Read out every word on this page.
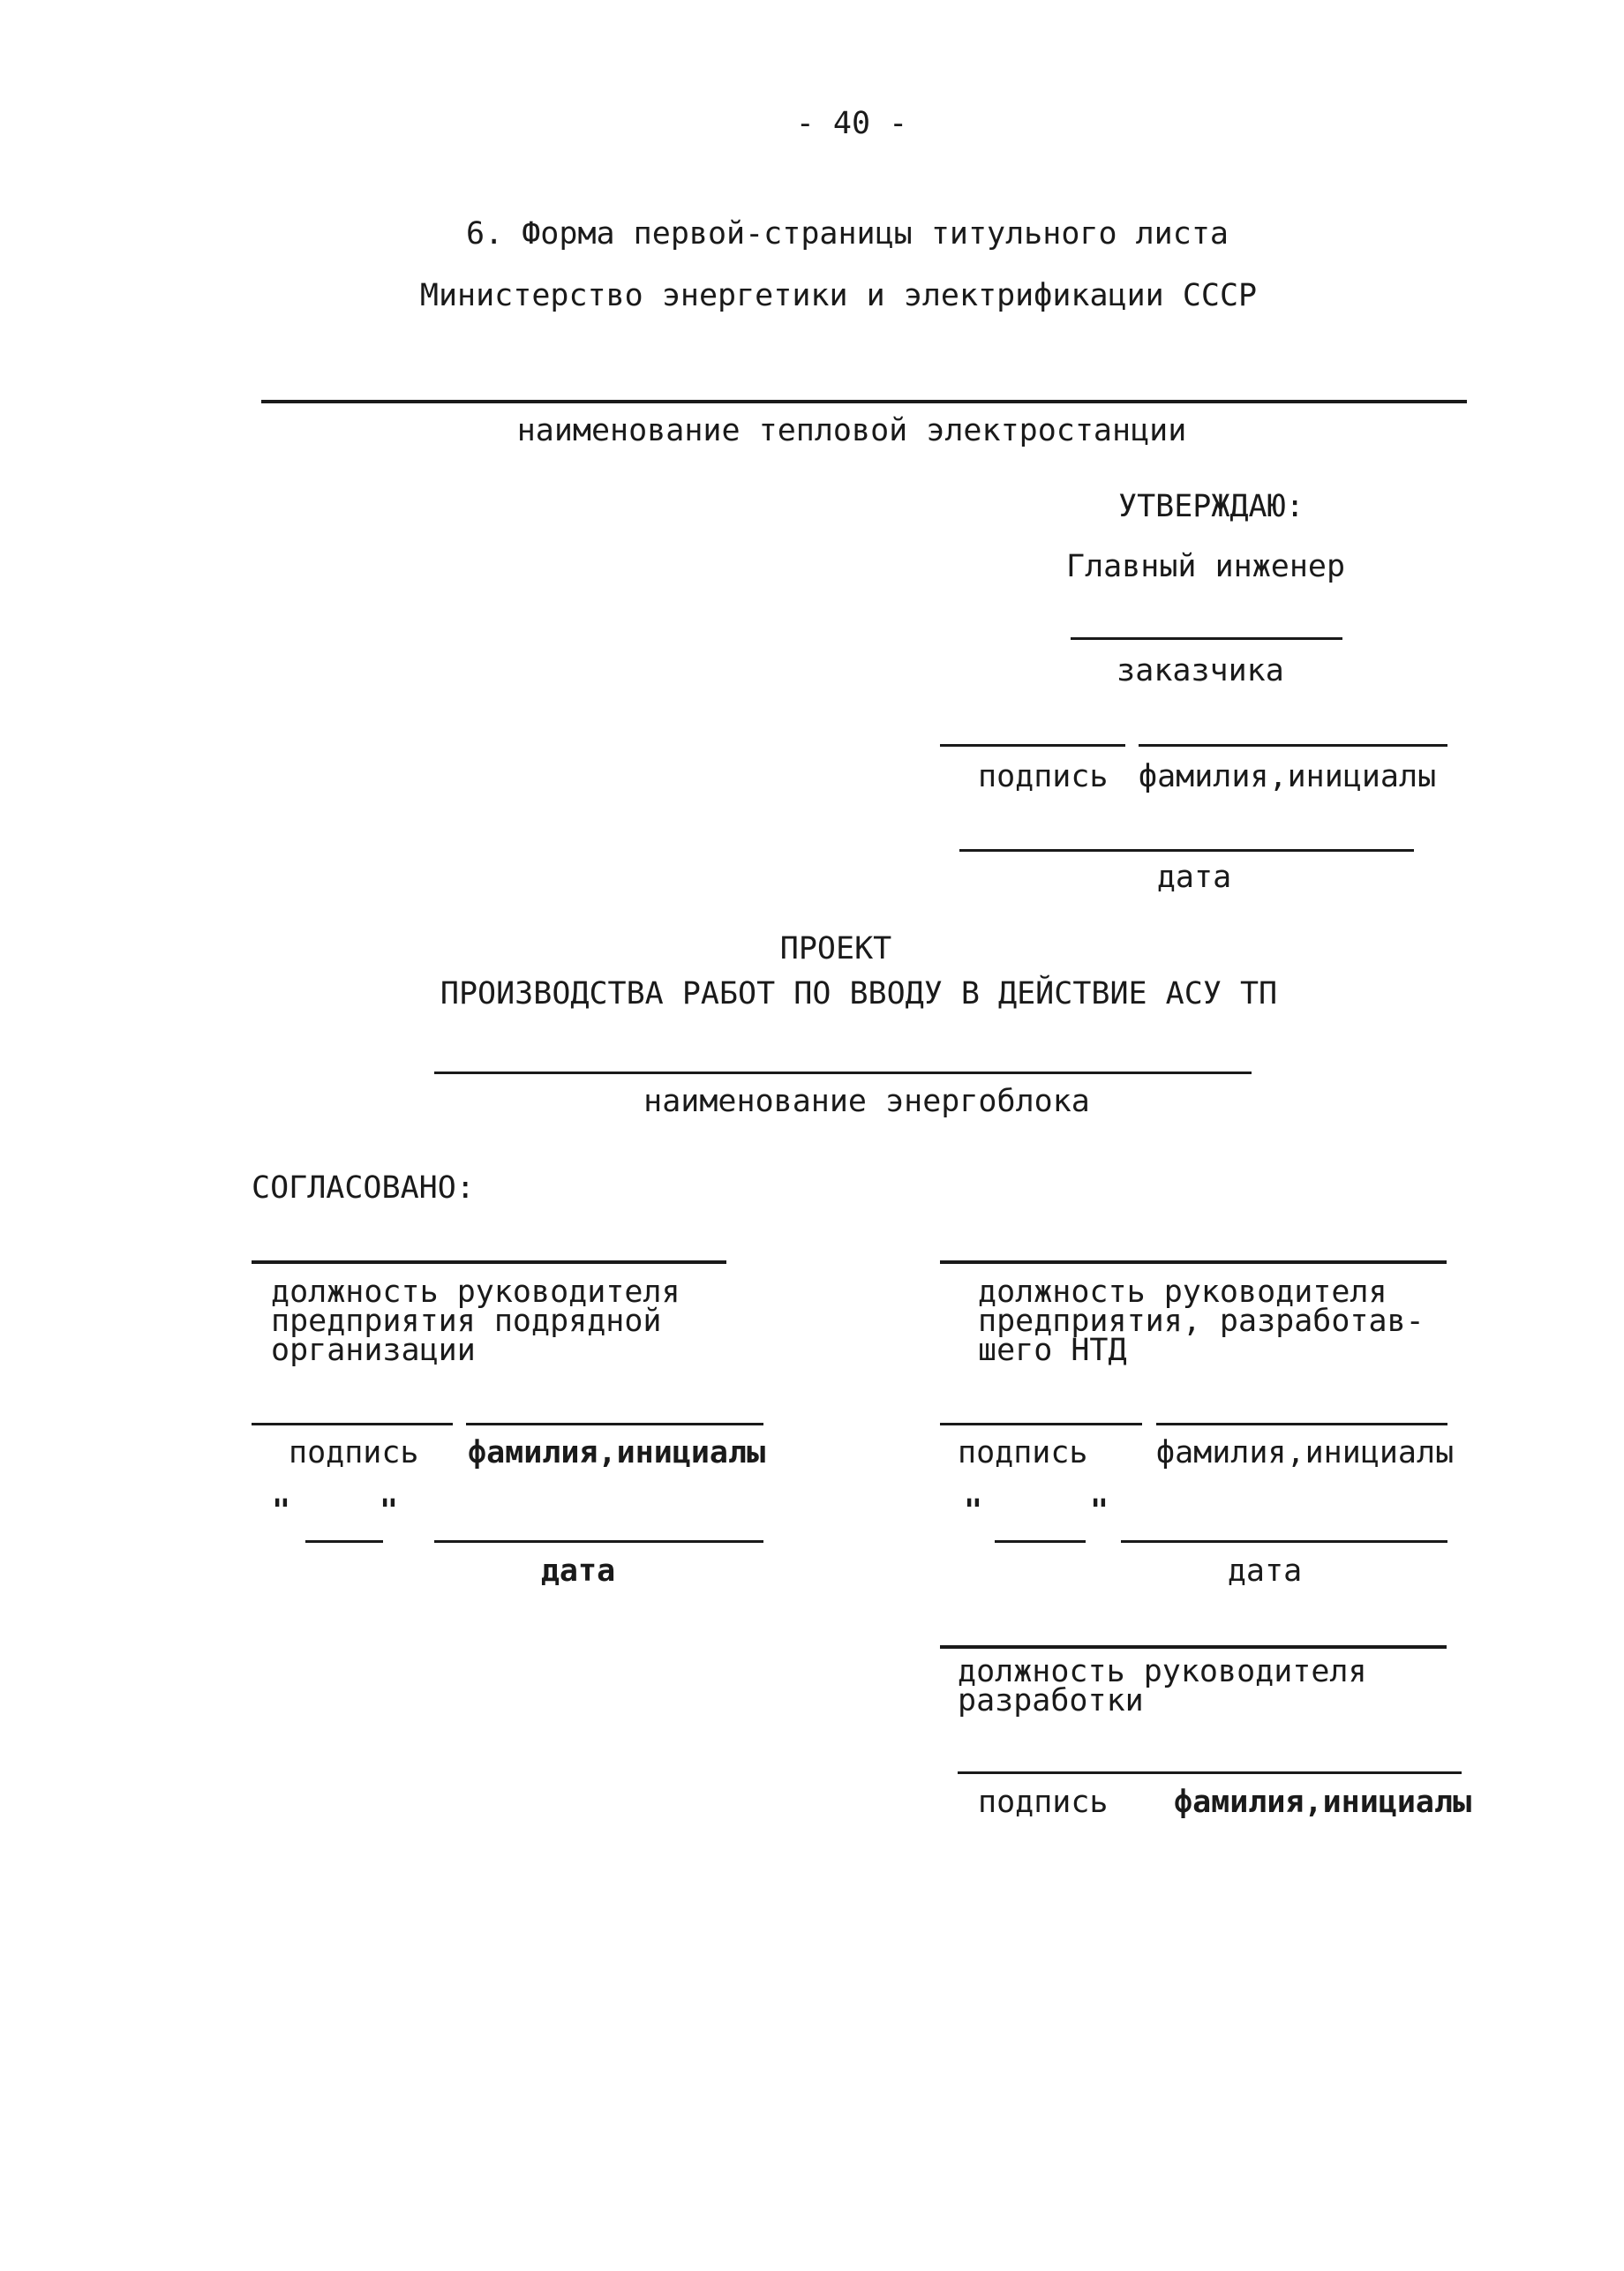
- 40 -
6. Форма первой-страницы титульного листа
Министерство энергетики и электрификации СССР
наименование тепловой электростанции
УТВЕРЖДАЮ:
Главный инженер
заказчика
подпись фамилия,инициалы
дата
ПРОЕКТ
ПРОИЗВОДСТВА РАБОТ ПО ВВОДУ В ДЕЙСТВИЕ АСУ ТП
наименование энергоблока
СОГЛАСОВАНО:
должность руководителя
предприятия подрядной
организации
подпись фамилия,инициалы
"	"
дата
должность руководителя
предприятия, разработав-
шего НТД
подпись фамилия,инициалы
"	"
дата
должность руководителя
разработки
подпись фамилия,инициалы
